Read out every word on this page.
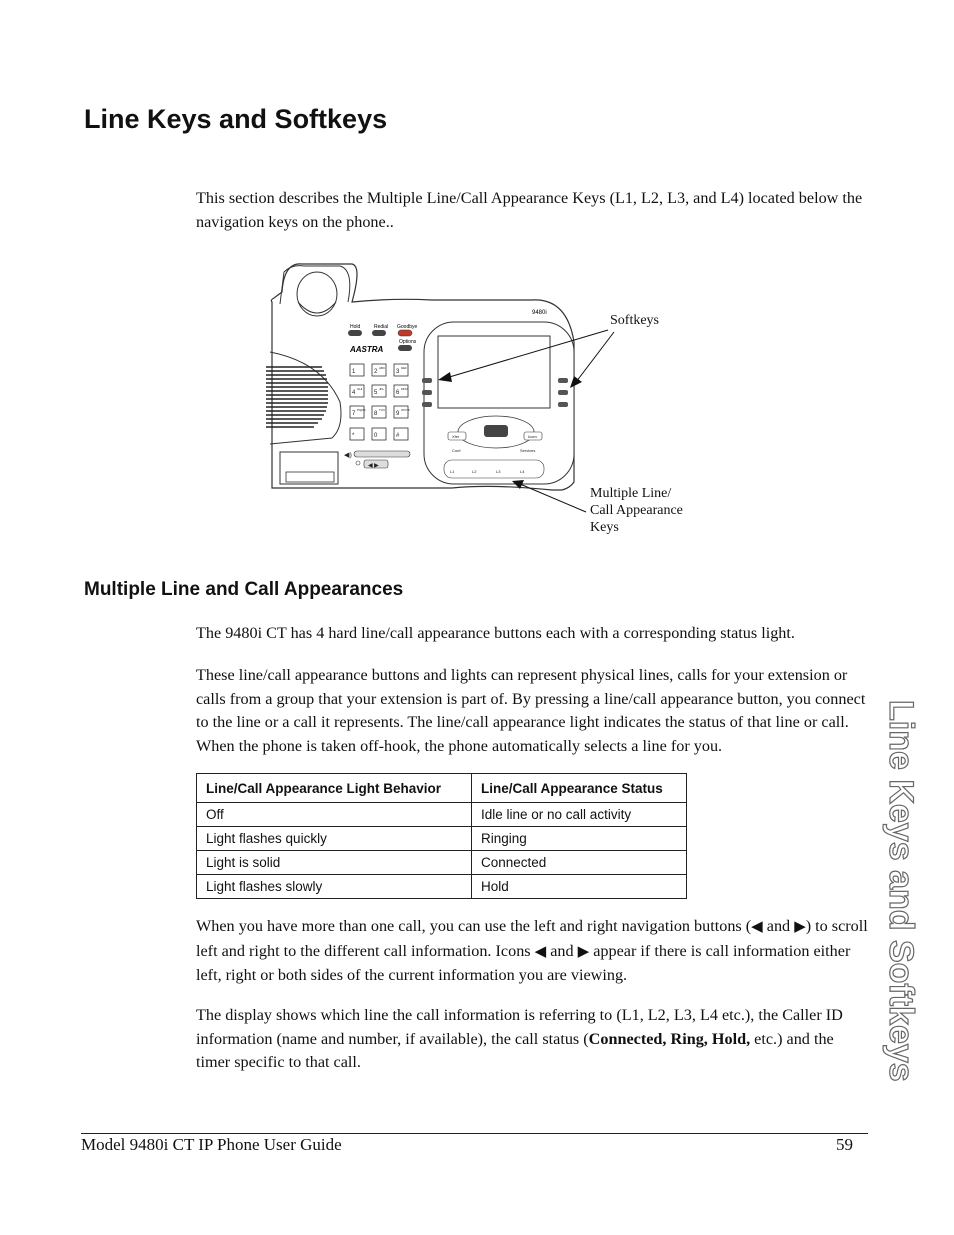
Line Keys and Softkeys

This section describes the Multiple Line/Call Appearance Keys (L1, L2, L3, and L4) located below the navigation keys on the phone..

Hold	Redial Goodbye
Options
AASTRA
9480i
1	2	3
4	5	6
7	8	9
*	0	#
ABC	DEF
GHI	JKL	MNO
PQRS	TUV	WXYZ
◀)
◀ ▶
Xfer	Icom
Conf	Services
L1	L2	L3	L4
Softkeys
Multiple Line/
Call Appearance
Keys
Multiple Line and Call Appearances

The 9480i CT has 4 hard line/call appearance buttons each with a corresponding status light.

These line/call appearance buttons and lights can represent physical lines, calls for your extension or calls from a group that your extension is part of. By pressing a line/call appearance button, you connect to the line or a call it represents. The line/call appearance light indicates the status of that line or call. When the phone is taken off-hook, the phone automatically selects a line for you.

Line/Call Appearance Light Behavior	Line/Call Appearance Status
Off	Idle line or no call activity
Light flashes quickly	Ringing
Light is solid	Connected
Light flashes slowly	Hold

When you have more than one call, you can use the left and right navigation buttons (◀ and ▶) to scroll left and right to the different call information. Icons ◀ and ▶ appear if there is call information either left, right or both sides of the current information you are viewing.

The display shows which line the call information is referring to (L1, L2, L3, L4 etc.), the Caller ID information (name and number, if available), the call status (Connected, Ring, Hold, etc.) and the timer specific to that call.	Line Keys and Softkeys
Model 9480i CT IP Phone User Guide	59
